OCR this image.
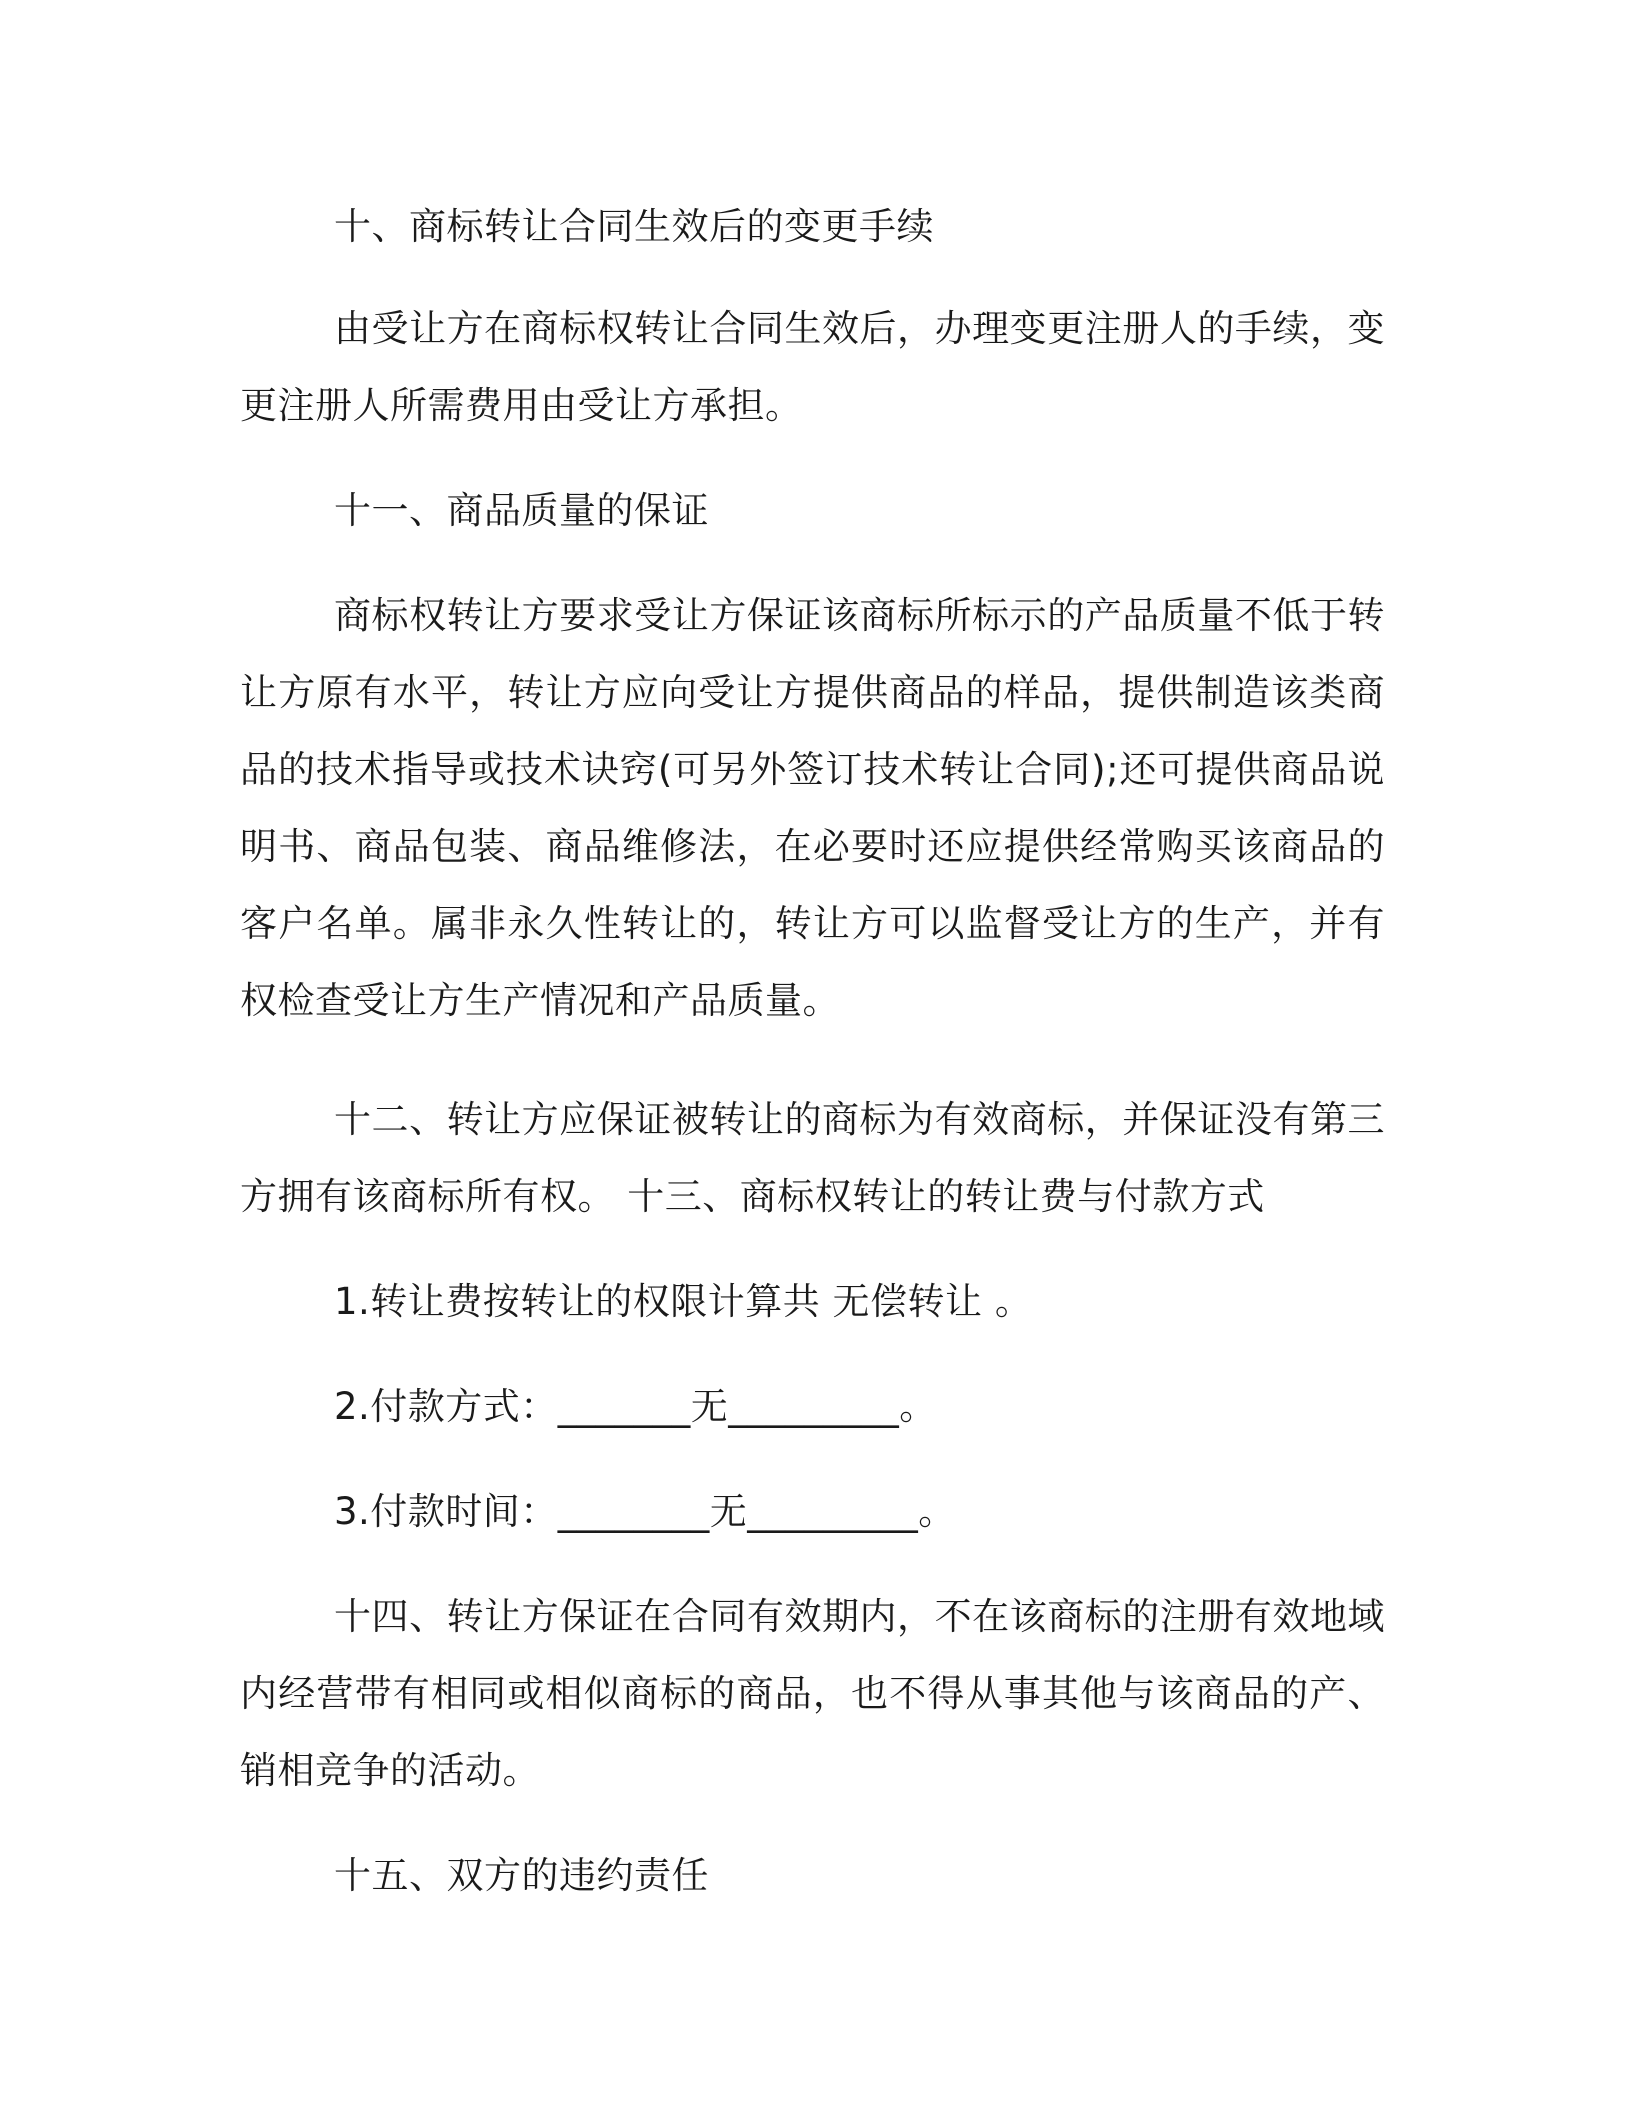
十、商标转让合同生效后的变更手续

由受让方在商标权转让合同生效后，办理变更注册人的手续，变更注册人所需费用由受让方承担。

十一、商品质量的保证

商标权转让方要求受让方保证该商标所标示的产品质量不低于转让方原有水平，转让方应向受让方提供商品的样品，提供制造该类商品的技术指导或技术诀窍(可另外签订技术转让合同);还可提供商品说明书、商品包装、商品维修法，在必要时还应提供经常购买该商品的客户名单。属非永久性转让的，转让方可以监督受让方的生产，并有权检查受让方生产情况和产品质量。

十二、转让方应保证被转让的商标为有效商标，并保证没有第三方拥有该商标所有权。 十三、商标权转让的转让费与付款方式

1.转让费按转让的权限计算共 无偿转让 。

2.付款方式：_______无_________。

3.付款时间：________无_________。

十四、转让方保证在合同有效期内，不在该商标的注册有效地域内经营带有相同或相似商标的商品，也不得从事其他与该商品的产、销相竞争的活动。

十五、双方的违约责任
